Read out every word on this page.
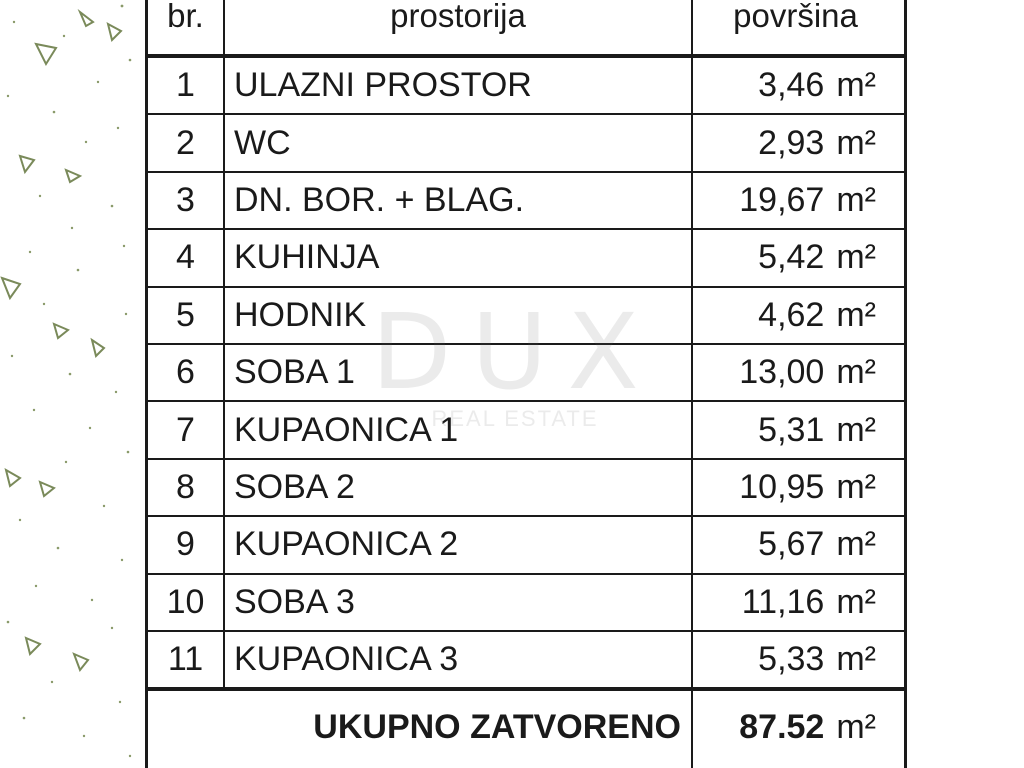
br.	prostorija	površina
1	ULAZNI PROSTOR	3,46 m²
2	WC	2,93 m²
3	DN. BOR. + BLAG.	19,67 m²
4	KUHINJA	5,42 m²
5	HODNIK	4,62 m²
6	SOBA 1	13,00 m²
7	KUPAONICA 1	5,31 m²
8	SOBA 2	10,95 m²
9	KUPAONICA 2	5,67 m²
10 SOBA 3	11,16 m²
11 KUPAONICA 3	5,33 m²
UKUPNO ZATVORENO	87.52 m²
DUX
REAL ESTATE
